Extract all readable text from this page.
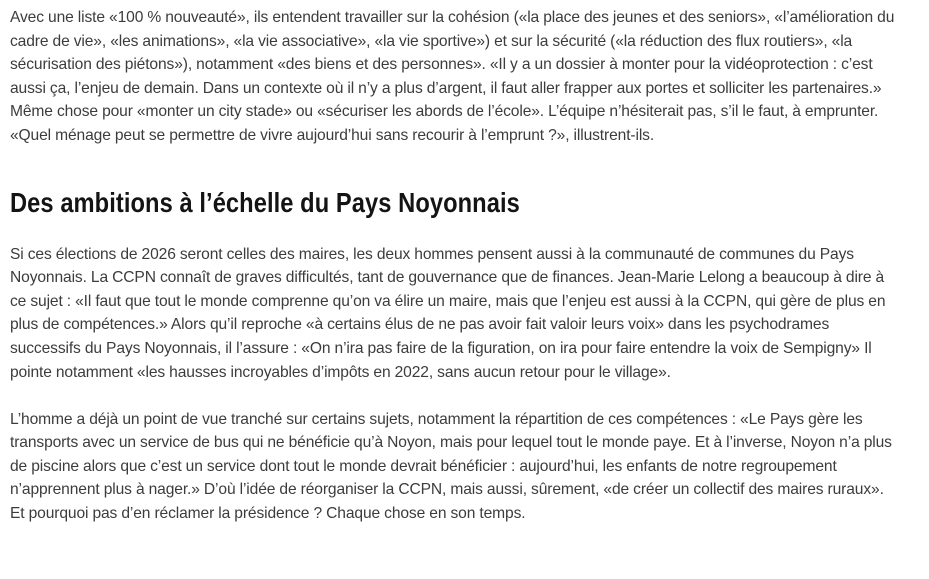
Avec une liste «100 % nouveauté», ils entendent travailler sur la cohésion («la place des jeunes et des seniors», «l’amélioration du cadre de vie», «les animations», «la vie associative», «la vie sportive») et sur la sécurité («la réduction des flux routiers», «la sécurisation des piétons»), notamment «des biens et des personnes». «Il y a un dossier à monter pour la vidéoprotection : c’est aussi ça, l’enjeu de demain. Dans un contexte où il n’y a plus d’argent, il faut aller frapper aux portes et solliciter les partenaires.» Même chose pour «monter un city stade» ou «sécuriser les abords de l’école». L’équipe n’hésiterait pas, s’il le faut, à emprunter. «Quel ménage peut se permettre de vivre aujourd’hui sans recourir à l’emprunt ?», illustrent-ils.

Des ambitions à l’échelle du Pays Noyonnais

Si ces élections de 2026 seront celles des maires, les deux hommes pensent aussi à la communauté de communes du Pays Noyonnais. La CCPN connaît de graves difficultés, tant de gouvernance que de finances. Jean-Marie Lelong a beaucoup à dire à ce sujet : «Il faut que tout le monde comprenne qu’on va élire un maire, mais que l’enjeu est aussi à la CCPN, qui gère de plus en plus de compétences.» Alors qu’il reproche «à certains élus de ne pas avoir fait valoir leurs voix» dans les psychodrames successifs du Pays Noyonnais, il l’assure : «On n’ira pas faire de la figuration, on ira pour faire entendre la voix de Sempigny» Il pointe notamment «les hausses incroyables d’impôts en 2022, sans aucun retour pour le village».

L’homme a déjà un point de vue tranché sur certains sujets, notamment la répartition de ces compétences : «Le Pays gère les transports avec un service de bus qui ne bénéficie qu’à Noyon, mais pour lequel tout le monde paye. Et à l’inverse, Noyon n’a plus de piscine alors que c’est un service dont tout le monde devrait bénéficier : aujourd’hui, les enfants de notre regroupement n’apprennent plus à nager.» D’où l’idée de réorganiser la CCPN, mais aussi, sûrement, «de créer un collectif des maires ruraux». Et pourquoi pas d’en réclamer la présidence ? Chaque chose en son temps.
